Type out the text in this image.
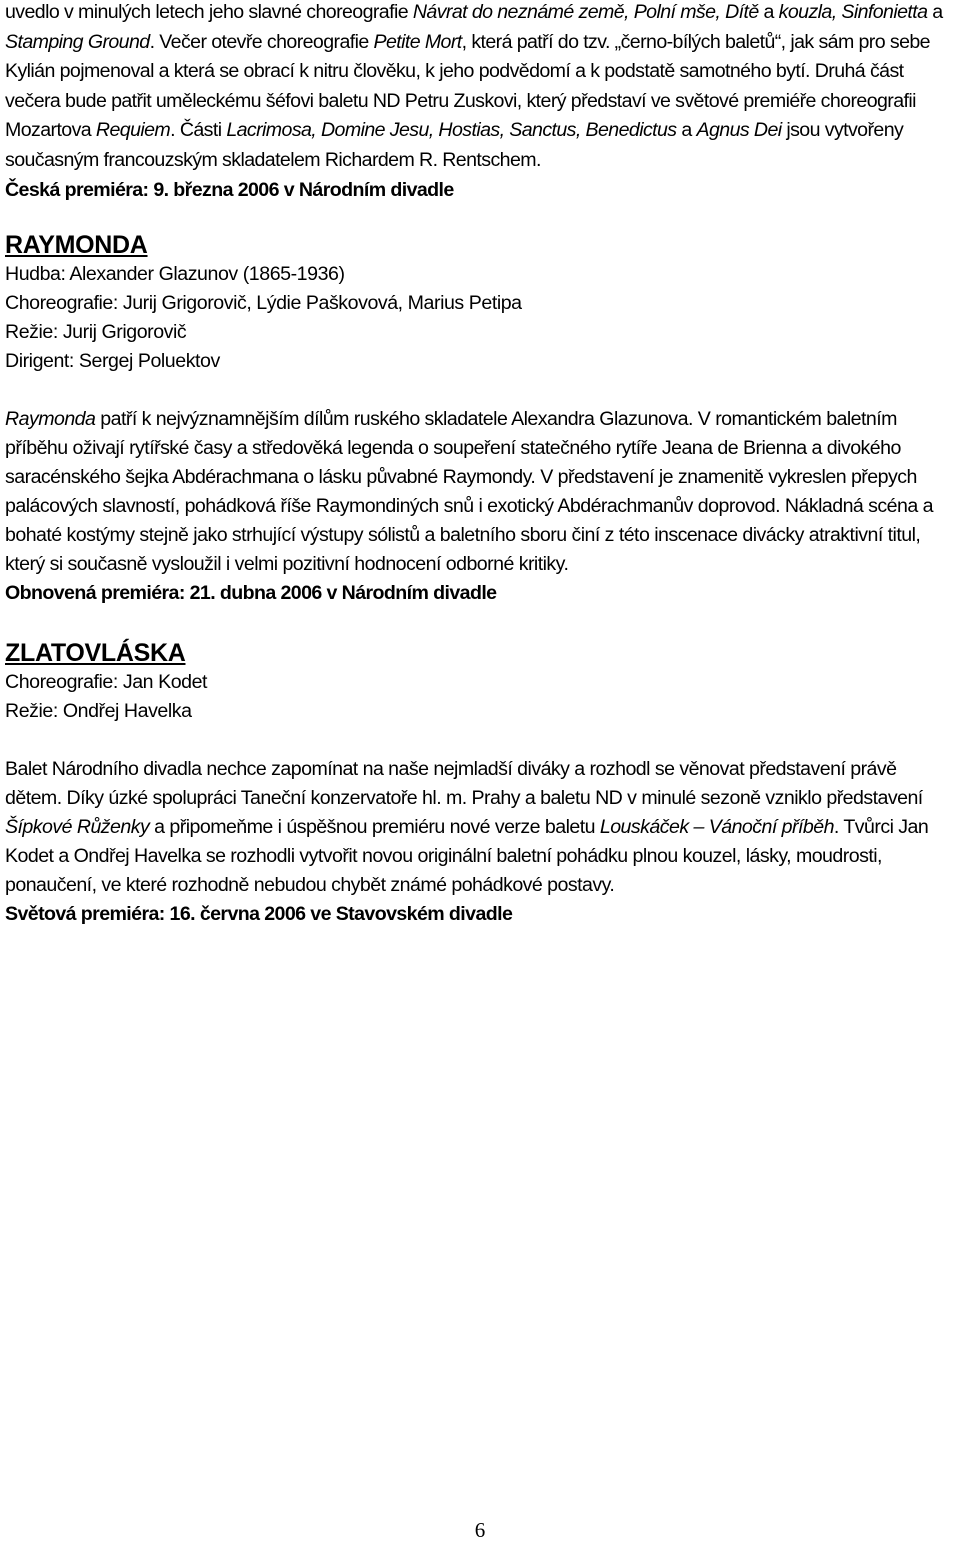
uvedlo v minulých letech jeho slavné choreografie Návrat do neznámé země, Polní mše, Dítě a kouzla, Sinfonietta a Stamping Ground. Večer otevře choreografie Petite Mort, která patří do tzv. „černo-bílých baletů“, jak sám pro sebe Kylián pojmenoval a která se obrací k nitru člověku, k jeho podvědomí a k podstatě samotného bytí. Druhá část večera bude patřit uměleckému šéfovi baletu ND Petru Zuskovi, který představí ve světové premiéře choreografii Mozartova Requiem. Části Lacrimosa, Domine Jesu, Hostias, Sanctus, Benedictus a Agnus Dei jsou vytvořeny současným francouzským skladatelem Richardem R. Rentschem.

Česká premiéra: 9. března 2006 v Národním divadle

RAYMONDA
Hudba: Alexander Glazunov (1865-1936)
Choreografie: Jurij Grigorovič, Lýdie Paškovová, Marius Petipa
Režie: Jurij Grigorovič
Dirigent: Sergej Poluektov

Raymonda patří k nejvýznamnějším dílům ruského skladatele Alexandra Glazunova. V romantickém baletním příběhu oživají rytířské časy a středověká legenda o soupeření statečného rytíře Jeana de Brienna a divokého saracénského šejka Abdérachmana o lásku půvabné Raymondy. V představení je znamenitě vykreslen přepych palácových slavností, pohádková říše Raymondiných snů i exotický Abdérachmanův doprovod. Nákladná scéna a bohaté kostýmy stejně jako strhující výstupy sólistů a baletního sboru činí z této inscenace divácky atraktivní titul, který si současně vysloužil i velmi pozitivní hodnocení odborné kritiky.

Obnovená premiéra: 21. dubna 2006 v Národním divadle

ZLATOVLÁSKA
Choreografie: Jan Kodet
Režie: Ondřej Havelka

Balet Národního divadla nechce zapomínat na naše nejmladší diváky a rozhodl se věnovat představení právě dětem. Díky úzké spolupráci Taneční konzervatoře hl. m. Prahy a baletu ND v minulé sezoně vzniklo představení Šípkové Růženky a připomeňme i úspěšnou premiéru nové verze baletu Louskáček – Vánoční příběh. Tvůrci Jan Kodet a Ondřej Havelka se rozhodli vytvořit novou originální baletní pohádku plnou kouzel, lásky, moudrosti, ponaučení, ve které rozhodně nebudou chybět známé pohádkové postavy.

Světová premiéra: 16. června 2006 ve Stavovském divadle

6
